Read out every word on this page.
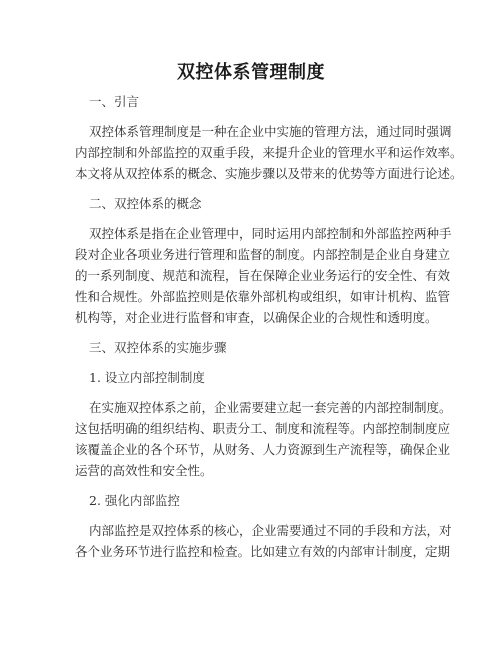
双控体系管理制度
一、引言
双控体系管理制度是一种在企业中实施的管理方法，通过同时强调
内部控制和外部监控的双重手段，来提升企业的管理水平和运作效率。
本文将从双控体系的概念、实施步骤以及带来的优势等方面进行论述。
二、双控体系的概念
双控体系是指在企业管理中，同时运用内部控制和外部监控两种手
段对企业各项业务进行管理和监督的制度。内部控制是企业自身建立
的一系列制度、规范和流程，旨在保障企业业务运行的安全性、有效
性和合规性。外部监控则是依靠外部机构或组织，如审计机构、监管
机构等，对企业进行监督和审查，以确保企业的合规性和透明度。
三、双控体系的实施步骤
1. 设立内部控制制度
在实施双控体系之前，企业需要建立起一套完善的内部控制制度。
这包括明确的组织结构、职责分工、制度和流程等。内部控制制度应
该覆盖企业的各个环节，从财务、人力资源到生产流程等，确保企业
运营的高效性和安全性。
2. 强化内部监控
内部监控是双控体系的核心，企业需要通过不同的手段和方法，对
各个业务环节进行监控和检查。比如建立有效的内部审计制度，定期
